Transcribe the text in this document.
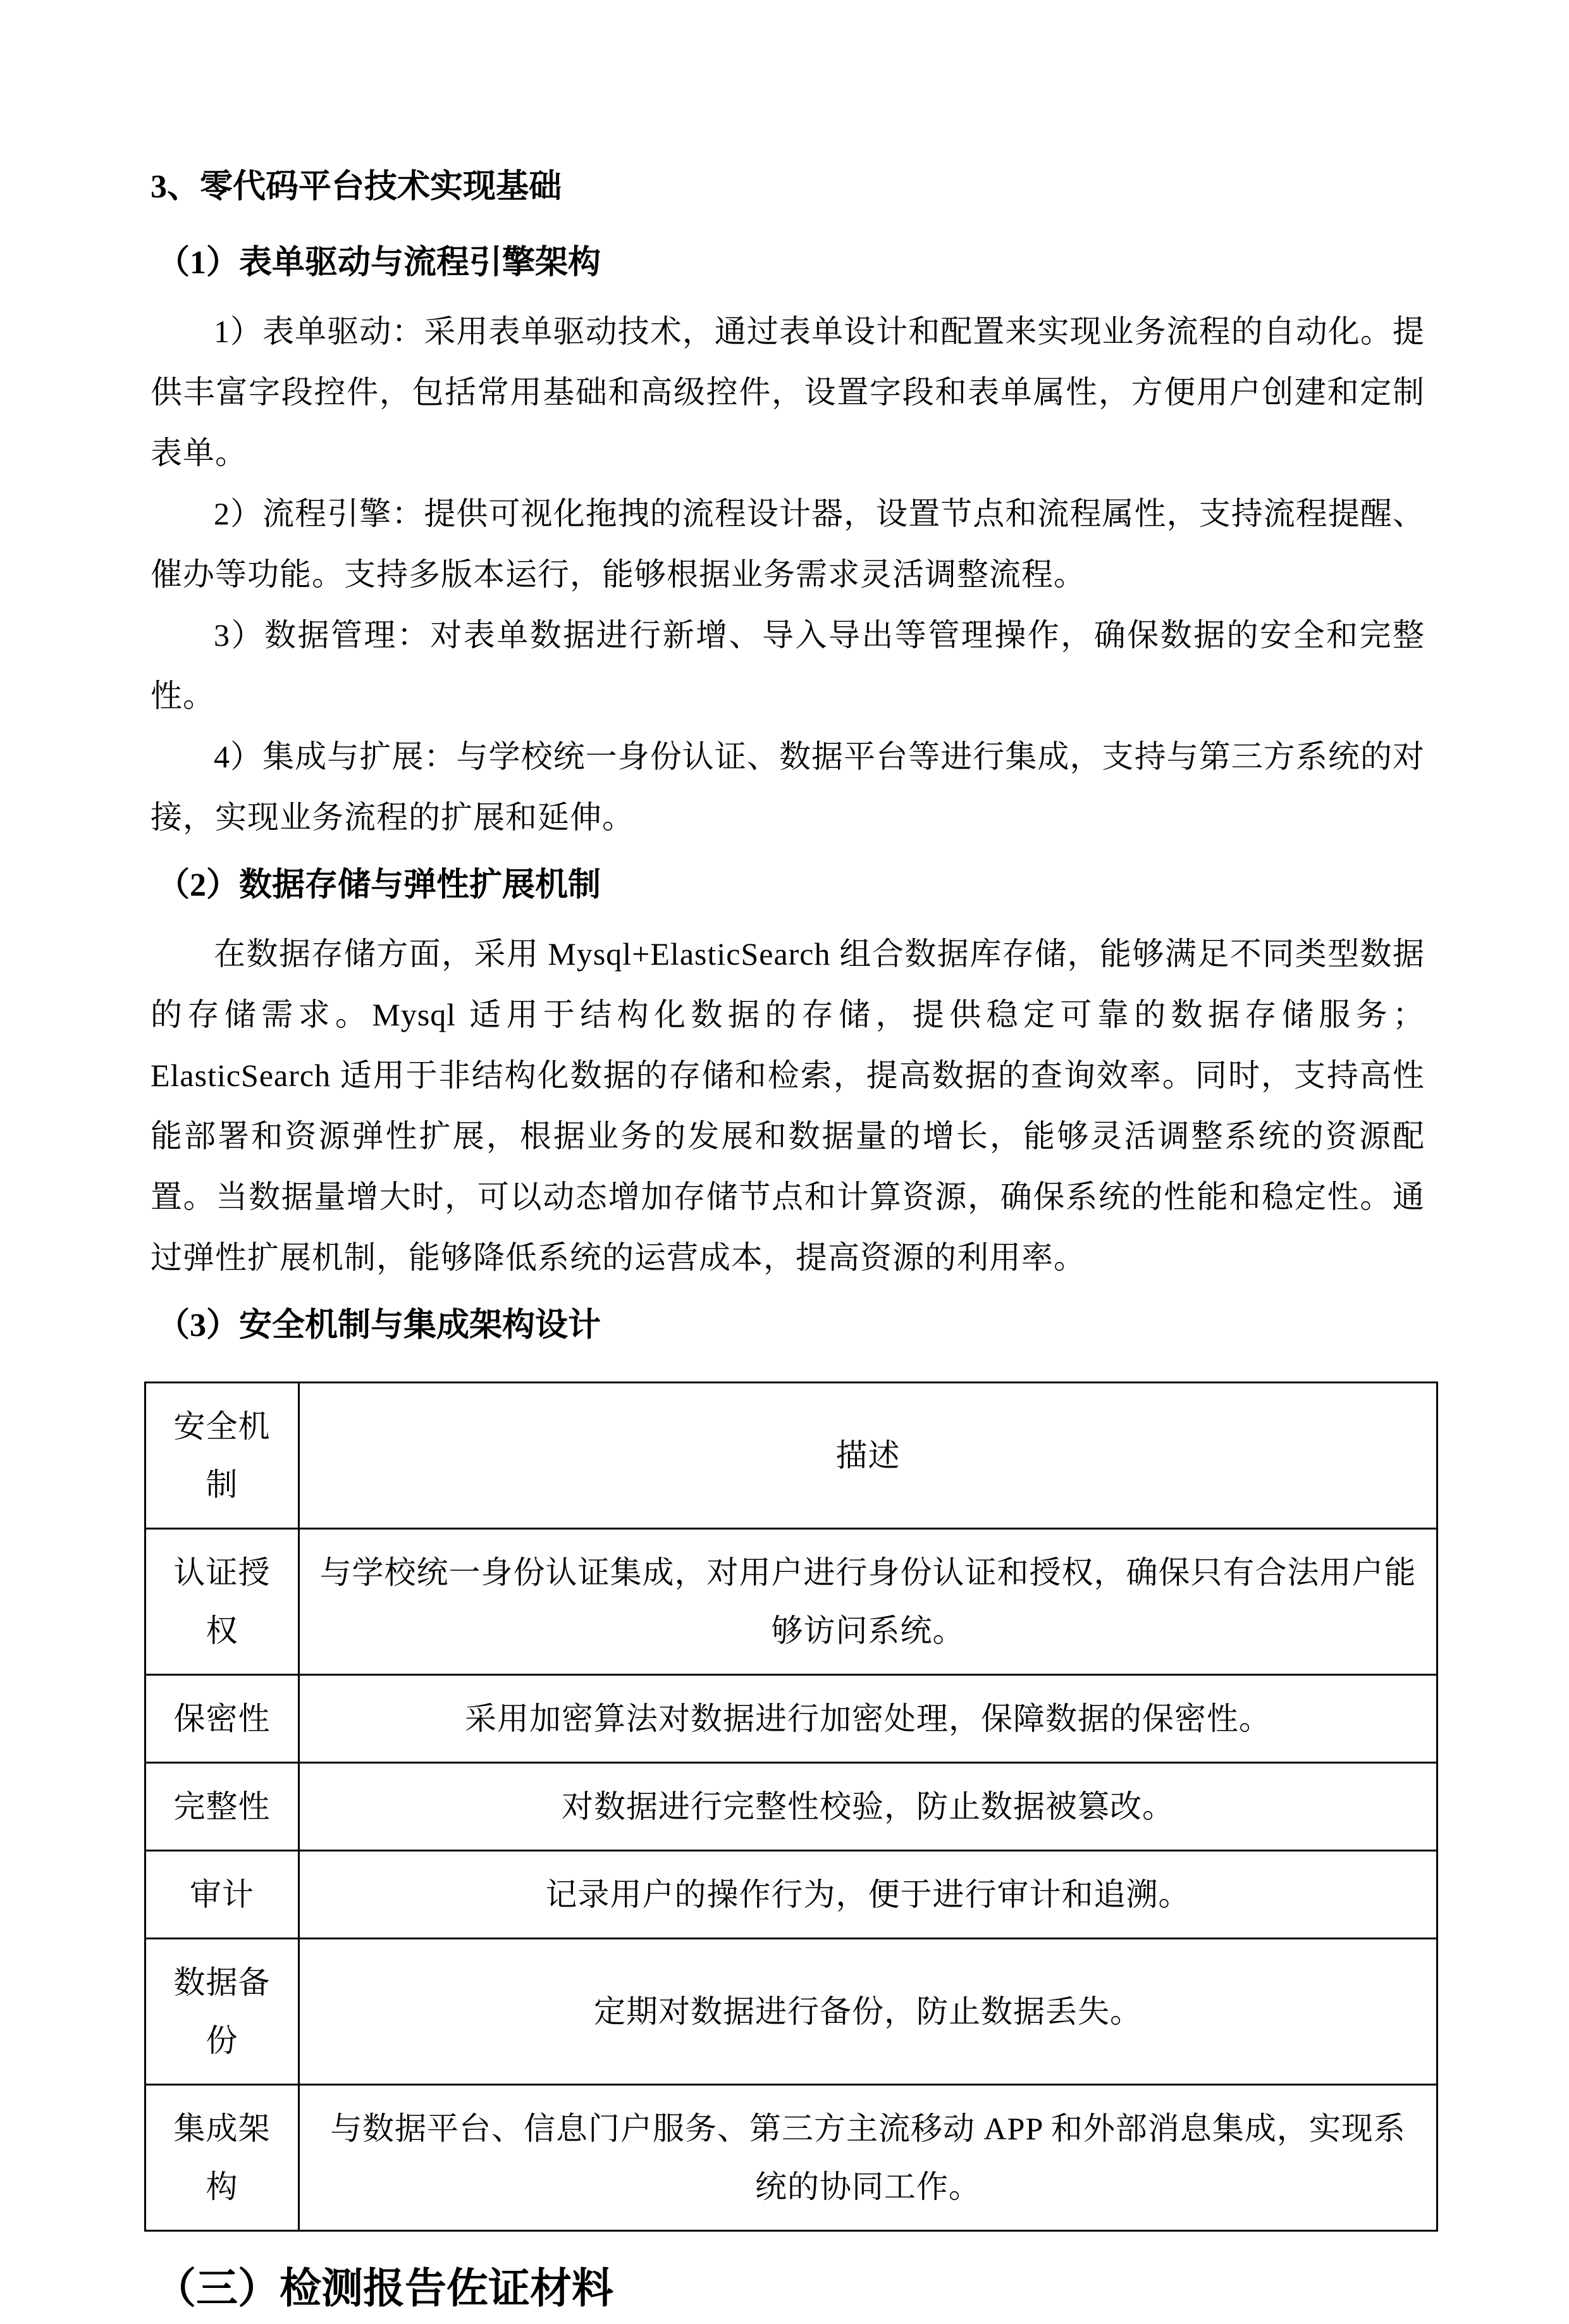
3、零代码平台技术实现基础
（1）表单驱动与流程引擎架构

1）表单驱动：采用表单驱动技术，通过表单设计和配置来实现业务流程的自动化。提供丰富字段控件，包括常用基础和高级控件，设置字段和表单属性，方便用户创建和定制表单。

2）流程引擎：提供可视化拖拽的流程设计器，设置节点和流程属性，支持流程提醒、催办等功能。支持多版本运行，能够根据业务需求灵活调整流程。

3）数据管理：对表单数据进行新增、导入导出等管理操作，确保数据的安全和完整性。

4）集成与扩展：与学校统一身份认证、数据平台等进行集成，支持与第三方系统的对接，实现业务流程的扩展和延伸。

（2）数据存储与弹性扩展机制

在数据存储方面，采用 Mysql+ElasticSearch 组合数据库存储，能够满足不同类型数据的存储需求。Mysql 适用于结构化数据的存储，提供稳定可靠的数据存储服务；ElasticSearch 适用于非结构化数据的存储和检索，提高数据的查询效率。同时，支持高性能部署和资源弹性扩展，根据业务的发展和数据量的增长，能够灵活调整系统的资源配置。当数据量增大时，可以动态增加存储节点和计算资源，确保系统的性能和稳定性。通过弹性扩展机制，能够降低系统的运营成本，提高资源的利用率。

（3）安全机制与集成架构设计
安全机制	描述
认证授权	与学校统一身份认证集成，对用户进行身份认证和授权，确保只有合法用户能够访问系统。
保密性	采用加密算法对数据进行加密处理，保障数据的保密性。
完整性	对数据进行完整性校验，防止数据被篡改。
审计	记录用户的操作行为，便于进行审计和追溯。
数据备份	定期对数据进行备份，防止数据丢失。
集成架构	与数据平台、信息门户服务、第三方主流移动 APP 和外部消息集成，实现系统的协同工作。
（三）检测报告佐证材料
